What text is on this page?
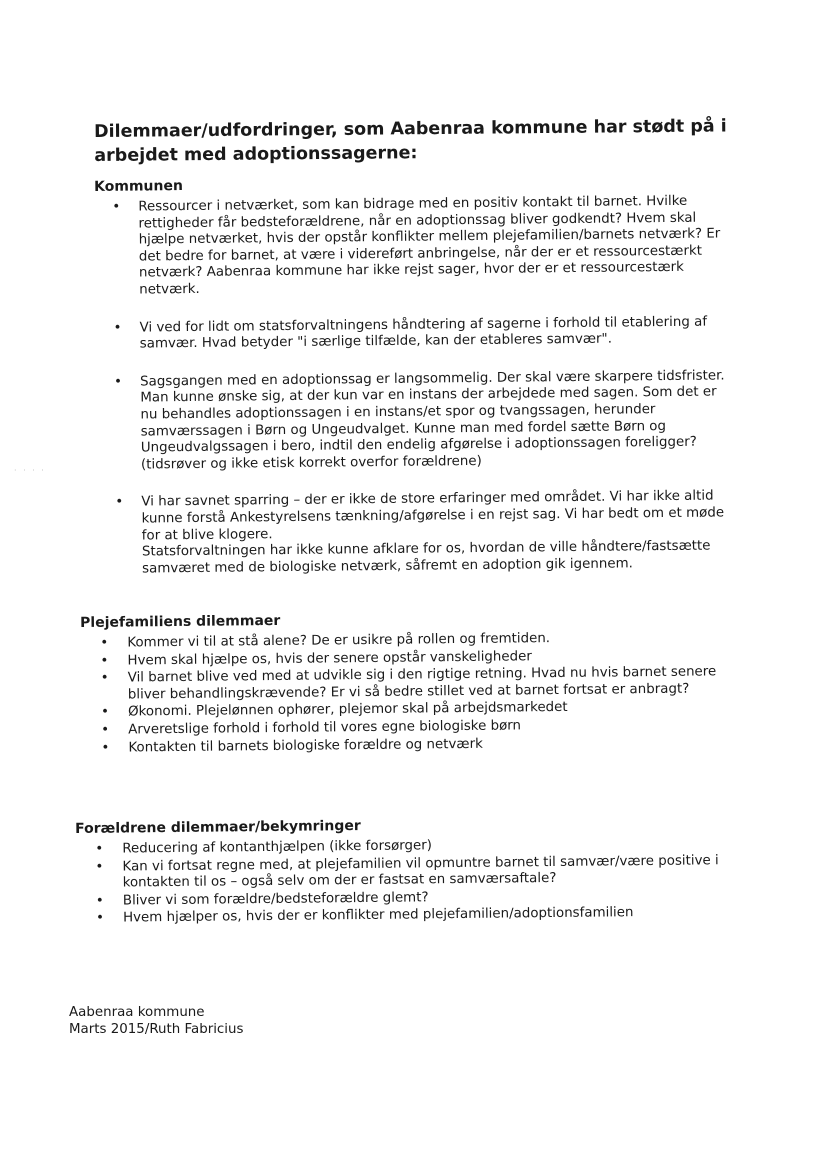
· · · ·
Dilemmaer/udfordringer, som Aabenraa kommune har stødt på i arbejdet med adoptionssagerne:
Kommunen
• Ressourcer i netværket, som kan bidrage med en positiv kontakt til barnet. Hvilke rettigheder får bedsteforældrene, når en adoptionssag bliver godkendt? Hvem skal hjælpe netværket, hvis der opstår konflikter mellem plejefamilien/barnets netværk? Er det bedre for barnet, at være i videreført anbringelse, når der er et ressourcestærkt netværk? Aabenraa kommune har ikke rejst sager, hvor der er et ressourcestærk netværk.
• Vi ved for lidt om statsforvaltningens håndtering af sagerne i forhold til etablering af samvær. Hvad betyder "i særlige tilfælde, kan der etableres samvær".
• Sagsgangen med en adoptionssag er langsommelig. Der skal være skarpere tidsfrister. Man kunne ønske sig, at der kun var en instans der arbejdede med sagen. Som det er nu behandles adoptionssagen i en instans/et spor og tvangssagen, herunder samværssagen i Børn og Ungeudvalget. Kunne man med fordel sætte Børn og Ungeudvalgssagen i bero, indtil den endelig afgørelse i adoptionssagen foreligger? (tidsrøver og ikke etisk korrekt overfor forældrene)
• Vi har savnet sparring – der er ikke de store erfaringer med området. Vi har ikke altid kunne forstå Ankestyrelsens tænkning/afgørelse i en rejst sag. Vi har bedt om et møde for at blive klogere.
Statsforvaltningen har ikke kunne afklare for os, hvordan de ville håndtere/fastsætte samværet med de biologiske netværk, såfremt en adoption gik igennem.
Plejefamiliens dilemmaer
• Kommer vi til at stå alene? De er usikre på rollen og fremtiden.
• Hvem skal hjælpe os, hvis der senere opstår vanskeligheder
• Vil barnet blive ved med at udvikle sig i den rigtige retning. Hvad nu hvis barnet senere bliver behandlingskrævende? Er vi så bedre stillet ved at barnet fortsat er anbragt?
• Økonomi. Plejelønnen ophører, plejemor skal på arbejdsmarkedet
• Arveretslige forhold i forhold til vores egne biologiske børn
• Kontakten til barnets biologiske forældre og netværk
Forældrene dilemmaer/bekymringer
• Reducering af kontanthjælpen (ikke forsørger)
• Kan vi fortsat regne med, at plejefamilien vil opmuntre barnet til samvær/være positive i kontakten til os – også selv om der er fastsat en samværsaftale?
• Bliver vi som forældre/bedsteforældre glemt?
• Hvem hjælper os, hvis der er konflikter med plejefamilien/adoptionsfamilien
Aabenraa kommune
Marts 2015/Ruth Fabricius
